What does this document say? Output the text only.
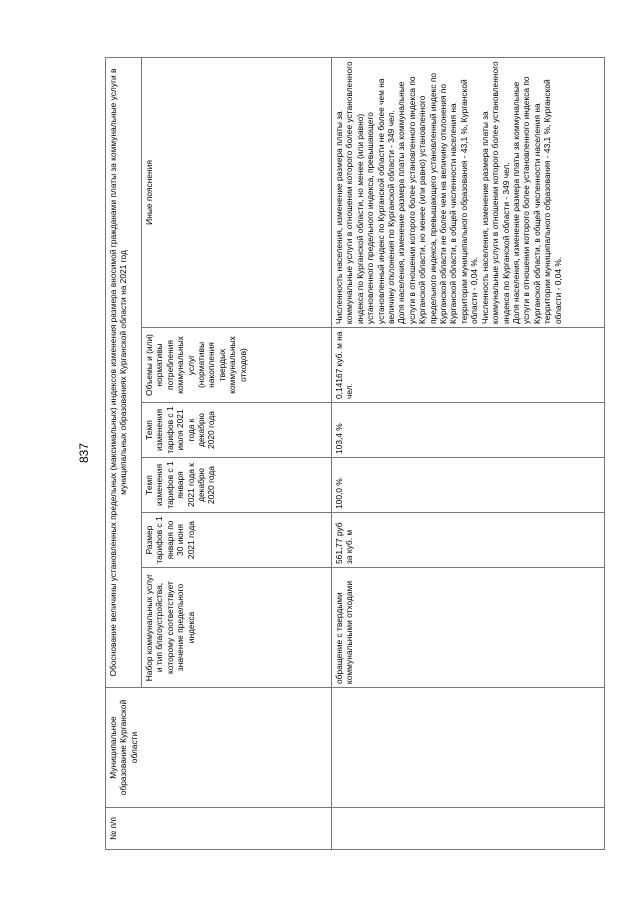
837
№ п/п	Муниципальное образование Курганской области	Обоснование величины установленных предельных (максимальных) индексов изменения размера вносимой гражданами платы за коммунальные услуги в муниципальных образованиях Курганской области на 2021 год					
		Набор коммунальных услуг и тип благоустройства, которому соответствует значение предельного индекса	Размер тарифов с 1 января по 30 июня 2021 года	Темп изменения тарифов с 1 января 2021 года к декабрю 2020 года	Темп изменения тарифов с 1 июля 2021 года к декабрю 2020 года	Объемы и (или) нормативы потребления коммунальных услуг (нормативы накопления твердых коммунальных отходов)	Иные пояснения
		обращение с твердыми коммунальными отходами	561,77 руб за куб. м	100,0 %	103,4 %	0,14167 куб. м на чел.	Численность населения, изменение размера платы за коммунальные услуги в отношении которого более установленного индекса по Курганской области, но менее (или равно) установленного предельного индекса, превышающего установленный индекс по Курганской области не более чем на величину отклонения по Курганской области - 349 чел. Доля населения, изменение размера платы за коммунальные услуги в отношении которого более установленного индекса по Курганской области, но менее (или равно) установленного предельного индекса, превышающего установленный индекс по Курганской области не более чем на величину отклонения по Курганской области, в общей численности населения на территории муниципального образования - 43,1 %, Курганской области - 0,04 %. Численность населения, изменение размера платы за коммунальные услуги в отношении которого более установленного индекса по Курганской области - 349 чел. Доля населения, изменение размера платы за коммунальные услуги в отношении которого более установленного индекса по Курганской области, в общей численности населения на территории муниципального образования - 43,1 %, Курганской области - 0,04 %.
